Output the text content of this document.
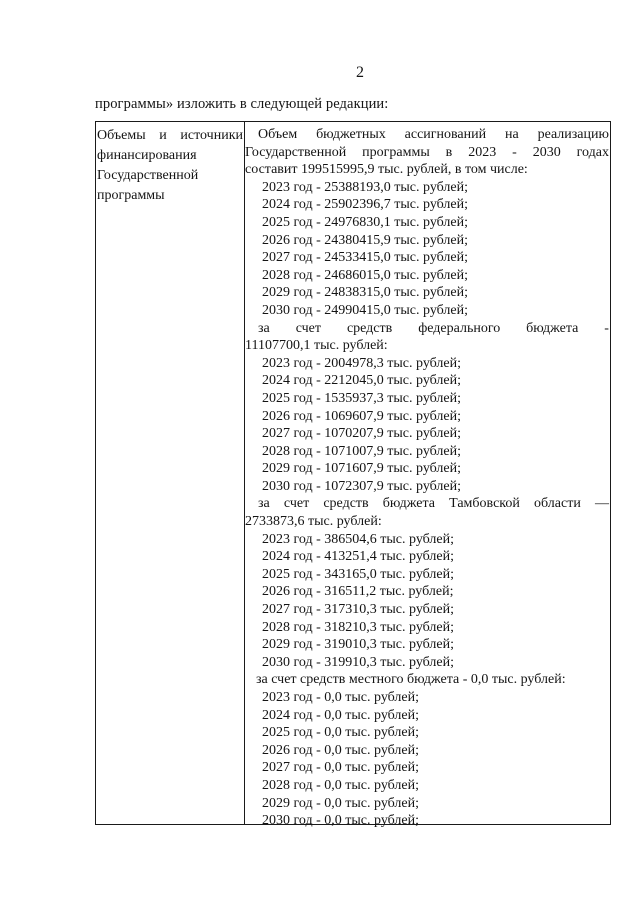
2
программы» изложить в следующей редакции:
Объемы и источники
финансирования
Государственной
программы
Объем бюджетных ассигнований на реализацию
Государственной программы в 2023 - 2030 годах
составит 199515995,9 тыс. рублей, в том числе:
2023 год - 25388193,0 тыс. рублей;
2024 год - 25902396,7 тыс. рублей;
2025 год - 24976830,1 тыс. рублей;
2026 год - 24380415,9 тыс. рублей;
2027 год - 24533415,0 тыс. рублей;
2028 год - 24686015,0 тыс. рублей;
2029 год - 24838315,0 тыс. рублей;
2030 год - 24990415,0 тыс. рублей;
за счет средств федерального бюджета -
11107700,1 тыс. рублей:
2023 год - 2004978,3 тыс. рублей;
2024 год - 2212045,0 тыс. рублей;
2025 год - 1535937,3 тыс. рублей;
2026 год - 1069607,9 тыс. рублей;
2027 год - 1070207,9 тыс. рублей;
2028 год - 1071007,9 тыс. рублей;
2029 год - 1071607,9 тыс. рублей;
2030 год - 1072307,9 тыс. рублей;
за счет средств бюджета Тамбовской области —
2733873,6 тыс. рублей:
2023 год - 386504,6 тыс. рублей;
2024 год - 413251,4 тыс. рублей;
2025 год - 343165,0 тыс. рублей;
2026 год - 316511,2 тыс. рублей;
2027 год - 317310,3 тыс. рублей;
2028 год - 318210,3 тыс. рублей;
2029 год - 319010,3 тыс. рублей;
2030 год - 319910,3 тыс. рублей;
за счет средств местного бюджета - 0,0 тыс. рублей:
2023 год - 0,0 тыс. рублей;
2024 год - 0,0 тыс. рублей;
2025 год - 0,0 тыс. рублей;
2026 год - 0,0 тыс. рублей;
2027 год - 0,0 тыс. рублей;
2028 год - 0,0 тыс. рублей;
2029 год - 0,0 тыс. рублей;
2030 год - 0,0 тыс. рублей;
